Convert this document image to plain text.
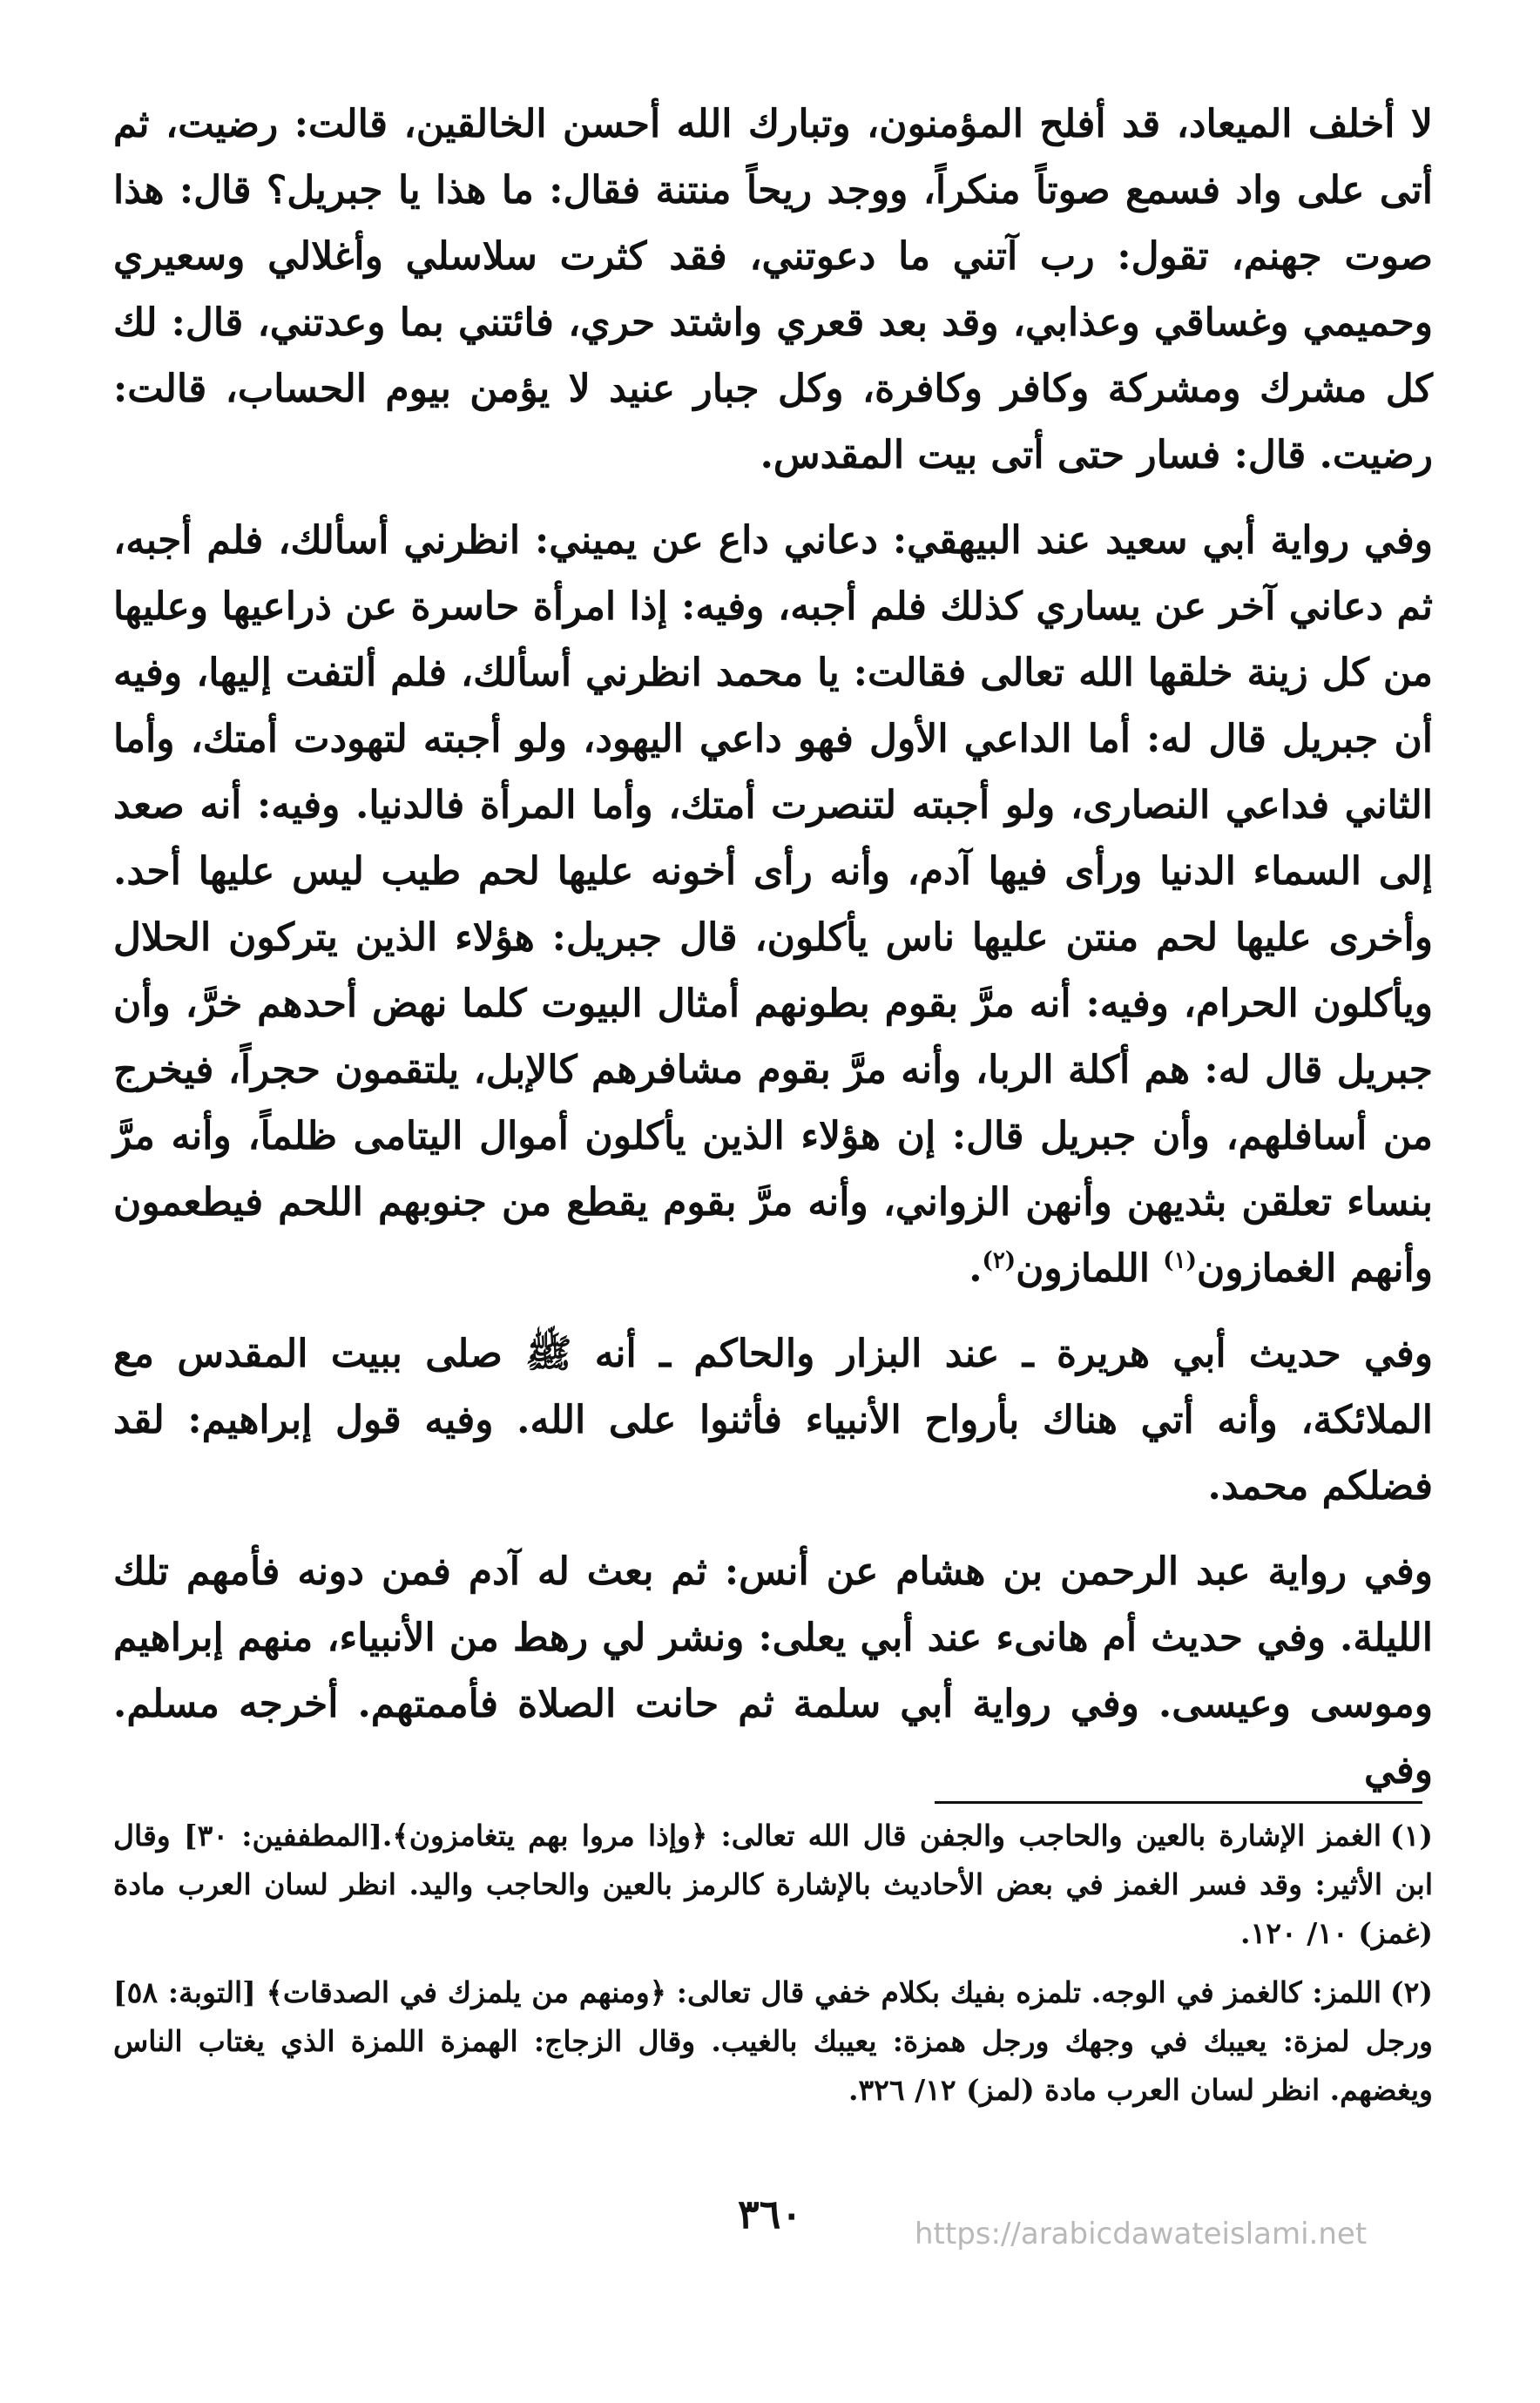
لا أخلف الميعاد، قد أفلح المؤمنون، وتبارك الله أحسن الخالقين، قالت: رضيت، ثم أتى على واد فسمع صوتاً منكراً، ووجد ريحاً منتنة فقال: ما هذا يا جبريل؟ قال: هذا صوت جهنم، تقول: رب آتني ما دعوتني، فقد كثرت سلاسلي وأغلالي وسعيري وحميمي وغساقي وعذابي، وقد بعد قعري واشتد حري، فائتني بما وعدتني، قال: لك كل مشرك ومشركة وكافر وكافرة، وكل جبار عنيد لا يؤمن بيوم الحساب، قالت: رضيت. قال: فسار حتى أتى بيت المقدس.

وفي رواية أبي سعيد عند البيهقي: دعاني داع عن يميني: انظرني أسألك، فلم أجبه، ثم دعاني آخر عن يساري كذلك فلم أجبه، وفيه: إذا امرأة حاسرة عن ذراعيها وعليها من كل زينة خلقها الله تعالى فقالت: يا محمد انظرني أسألك، فلم ألتفت إليها، وفيه أن جبريل قال له: أما الداعي الأول فهو داعي اليهود، ولو أجبته لتهودت أمتك، وأما الثاني فداعي النصارى، ولو أجبته لتنصرت أمتك، وأما المرأة فالدنيا. وفيه: أنه صعد إلى السماء الدنيا ورأى فيها آدم، وأنه رأى أخونه عليها لحم طيب ليس عليها أحد. وأخرى عليها لحم منتن عليها ناس يأكلون، قال جبريل: هؤلاء الذين يتركون الحلال ويأكلون الحرام، وفيه: أنه مرَّ بقوم بطونهم أمثال البيوت كلما نهض أحدهم خرَّ، وأن جبريل قال له: هم أكلة الربا، وأنه مرَّ بقوم مشافرهم كالإبل، يلتقمون حجراً، فيخرج من أسافلهم، وأن جبريل قال: إن هؤلاء الذين يأكلون أموال اليتامى ظلماً، وأنه مرَّ بنساء تعلقن بثديهن وأنهن الزواني، وأنه مرَّ بقوم يقطع من جنوبهم اللحم فيطعمون وأنهم الغمازون$^{(١)}$ اللمازون$^{(٢)}$.

وفي حديث أبي هريرة ـ عند البزار والحاكم ـ أنه ﷺ صلى ببيت المقدس مع الملائكة، وأنه أتي هناك بأرواح الأنبياء فأثنوا على الله. وفيه قول إبراهيم: لقد فضلكم محمد.

وفي رواية عبد الرحمن بن هشام عن أنس: ثم بعث له آدم فمن دونه فأمهم تلك الليلة. وفي حديث أم هانىء عند أبي يعلى: ونشر لي رهط من الأنبياء، منهم إبراهيم وموسى وعيسى. وفي رواية أبي سلمة ثم حانت الصلاة فأممتهم. أخرجه مسلم. وفي

(١)الغمز الإشارة بالعين والحاجب والجفن قال الله تعالى: ﴿وإذا مروا بهم يتغامزون﴾.[المطففين: ٣٠] وقال ابن الأثير: وقد فسر الغمز في بعض الأحاديث بالإشارة كالرمز بالعين والحاجب واليد. انظر لسان العرب مادة (غمز) ١٠/ ١٢٠.

(٢)اللمز: كالغمز في الوجه. تلمزه بفيك بكلام خفي قال تعالى: ﴿ومنهم من يلمزك في الصدقات﴾ [التوبة: ٥٨] ورجل لمزة: يعيبك في وجهك ورجل همزة: يعيبك بالغيب. وقال الزجاج: الهمزة اللمزة الذي يغتاب الناس ويغضهم. انظر لسان العرب مادة (لمز) ١٢/ ٣٢٦.

٣٦٠	https://arabicdawateislami.net
